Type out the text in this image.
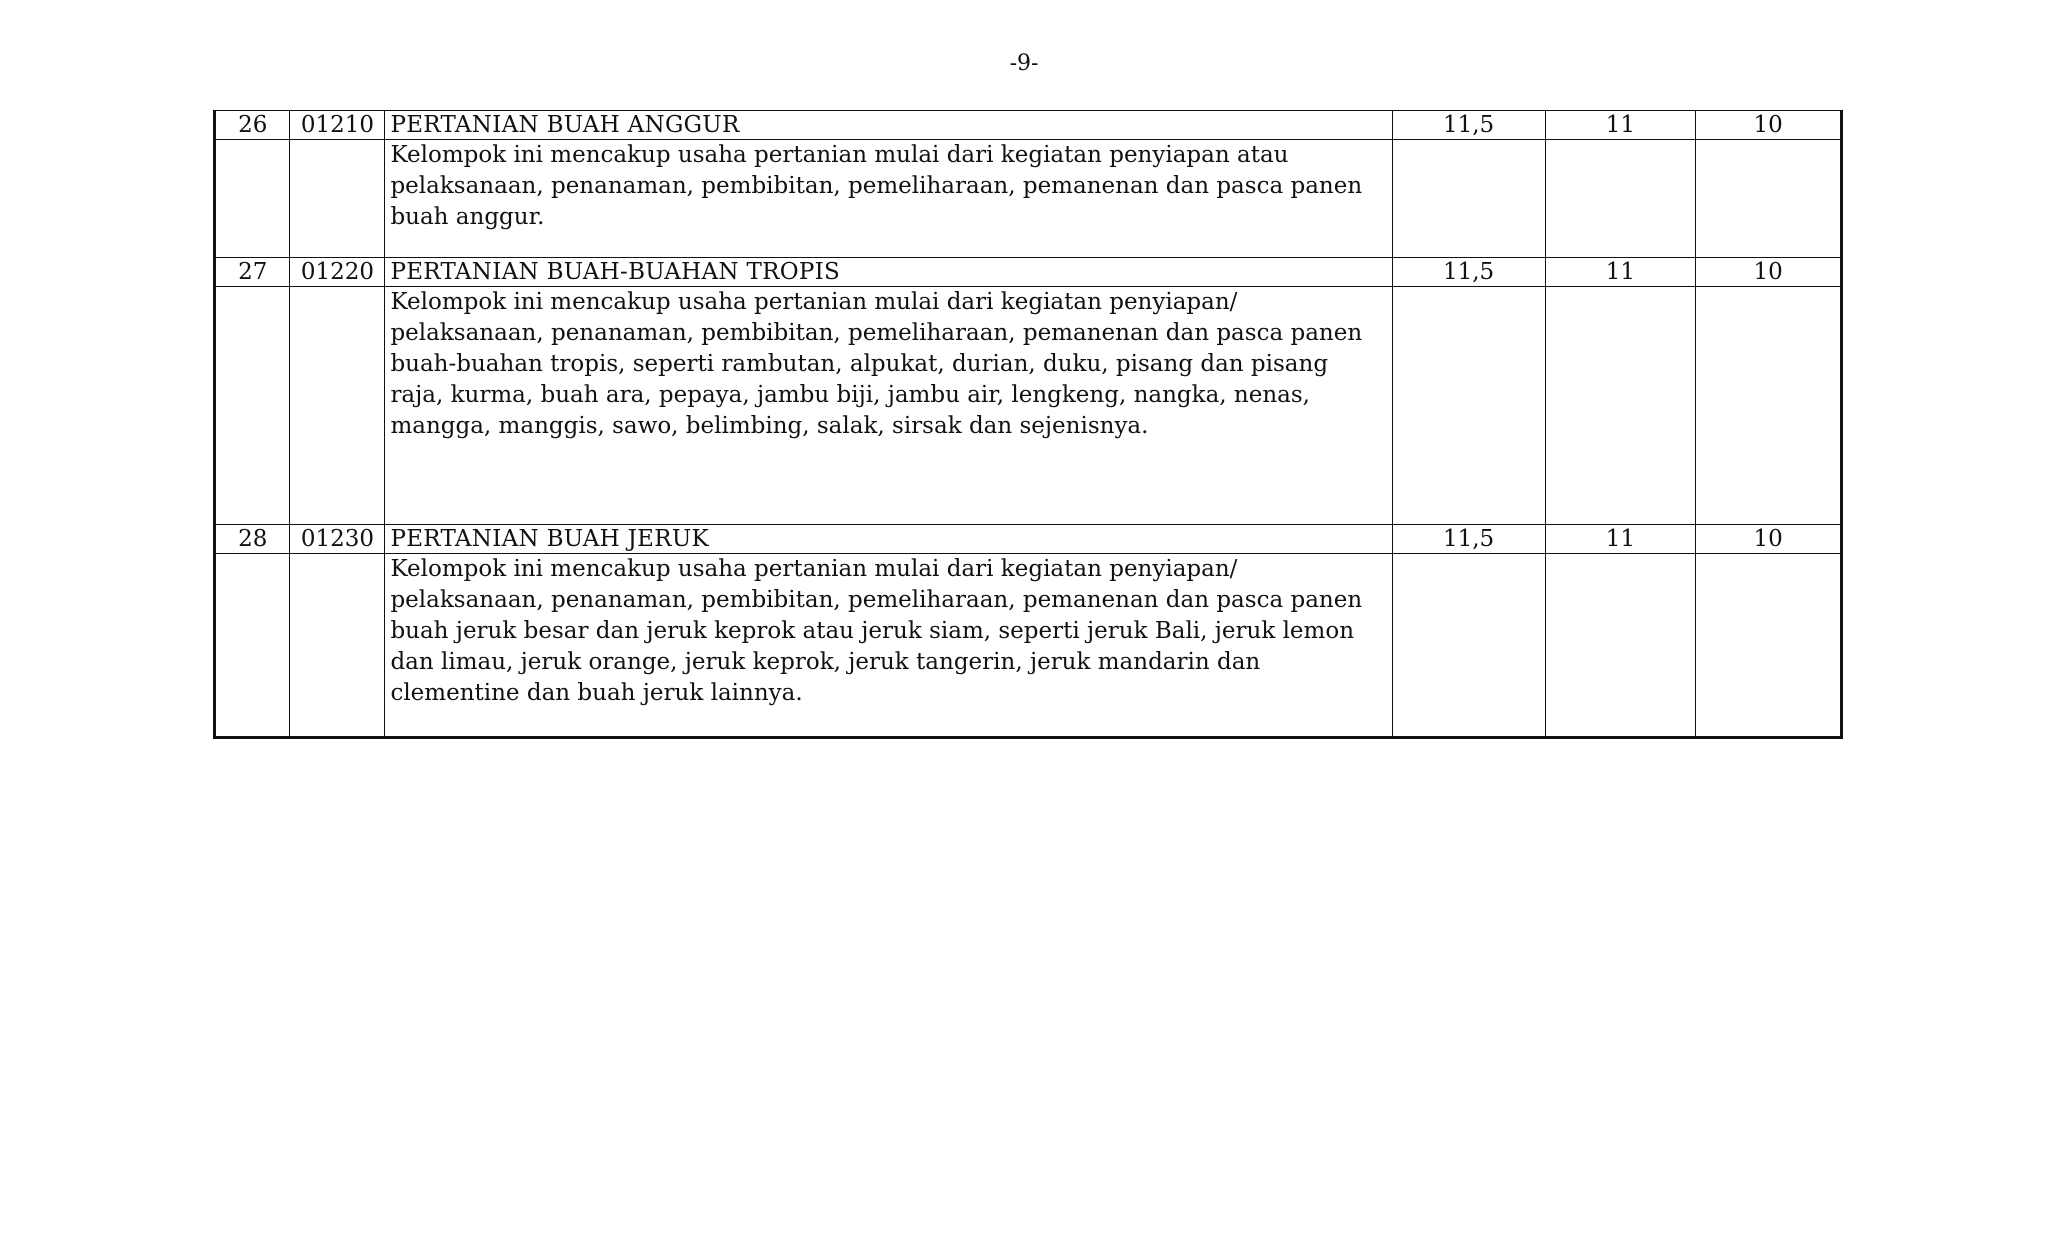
-9-
26	01210	PERTANIAN BUAH ANGGUR	11,5	11	10
		Kelompok ini mencakup usaha pertanian mulai dari kegiatan penyiapan atau pelaksanaan, penanaman, pembibitan, pemeliharaan, pemanenan dan pasca panen buah anggur.			
27	01220	PERTANIAN BUAH-BUAHAN TROPIS	11,5	11	10
		Kelompok ini mencakup usaha pertanian mulai dari kegiatan penyiapan/ pelaksanaan, penanaman, pembibitan, pemeliharaan, pemanenan dan pasca panen buah-buahan tropis, seperti rambutan, alpukat, durian, duku, pisang dan pisang raja, kurma, buah ara, pepaya, jambu biji, jambu air, lengkeng, nangka, nenas, mangga, manggis, sawo, belimbing, salak, sirsak dan sejenisnya.			
28	01230	PERTANIAN BUAH JERUK	11,5	11	10
		Kelompok ini mencakup usaha pertanian mulai dari kegiatan penyiapan/ pelaksanaan, penanaman, pembibitan, pemeliharaan, pemanenan dan pasca panen buah jeruk besar dan jeruk keprok atau jeruk siam, seperti jeruk Bali, jeruk lemon dan limau, jeruk orange, jeruk keprok, jeruk tangerin, jeruk mandarin dan clementine dan buah jeruk lainnya.			
